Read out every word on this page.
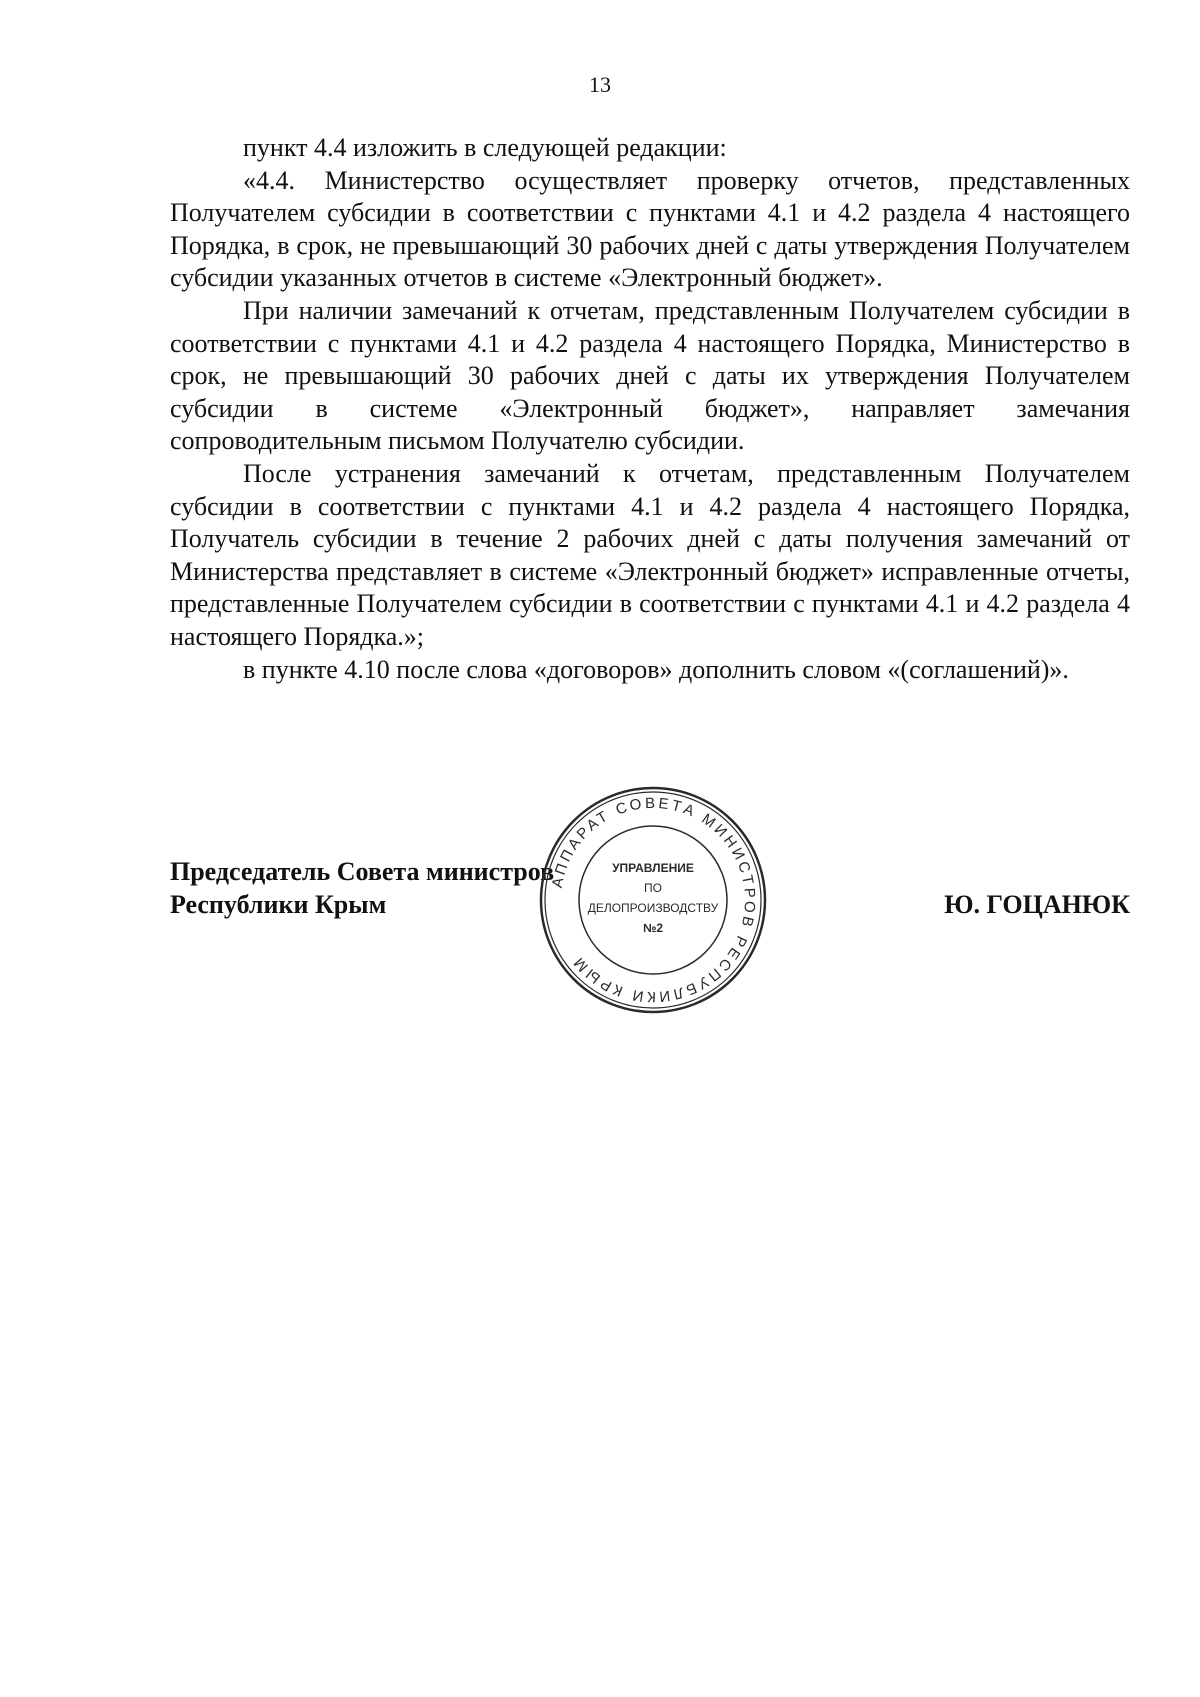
13

пункт 4.4 изложить в следующей редакции:

«4.4. Министерство осуществляет проверку отчетов, представленных Получателем субсидии в соответствии с пунктами 4.1 и 4.2 раздела 4 настоящего Порядка, в срок, не превышающий 30 рабочих дней с даты утверждения Получателем субсидии указанных отчетов в системе «Электронный бюджет».

При наличии замечаний к отчетам, представленным Получателем субсидии в соответствии с пунктами 4.1 и 4.2 раздела 4 настоящего Порядка, Министерство в срок, не превышающий 30 рабочих дней с даты их утверждения Получателем субсидии в системе «Электронный бюджет», направляет замечания сопроводительным письмом Получателю субсидии.

После устранения замечаний к отчетам, представленным Получателем субсидии в соответствии с пунктами 4.1 и 4.2 раздела 4 настоящего Порядка, Получатель субсидии в течение 2 рабочих дней с даты получения замечаний от Министерства представляет в системе «Электронный бюджет» исправленные отчеты, представленные Получателем субсидии в соответствии с пунктами 4.1 и 4.2 раздела 4 настоящего Порядка.»;

в пункте 4.10 после слова «договоров» дополнить словом «(соглашений)».

Председатель Совета министров
Республики Крым	Ю. ГОЦАНЮК
АППАРАТ СОВЕТА МИНИСТРОВ РЕСПУБЛИКИ КРЫМ
УПРАВЛЕНИЕ
ПО
ДЕЛОПРОИЗВОДСТВУ
№2
